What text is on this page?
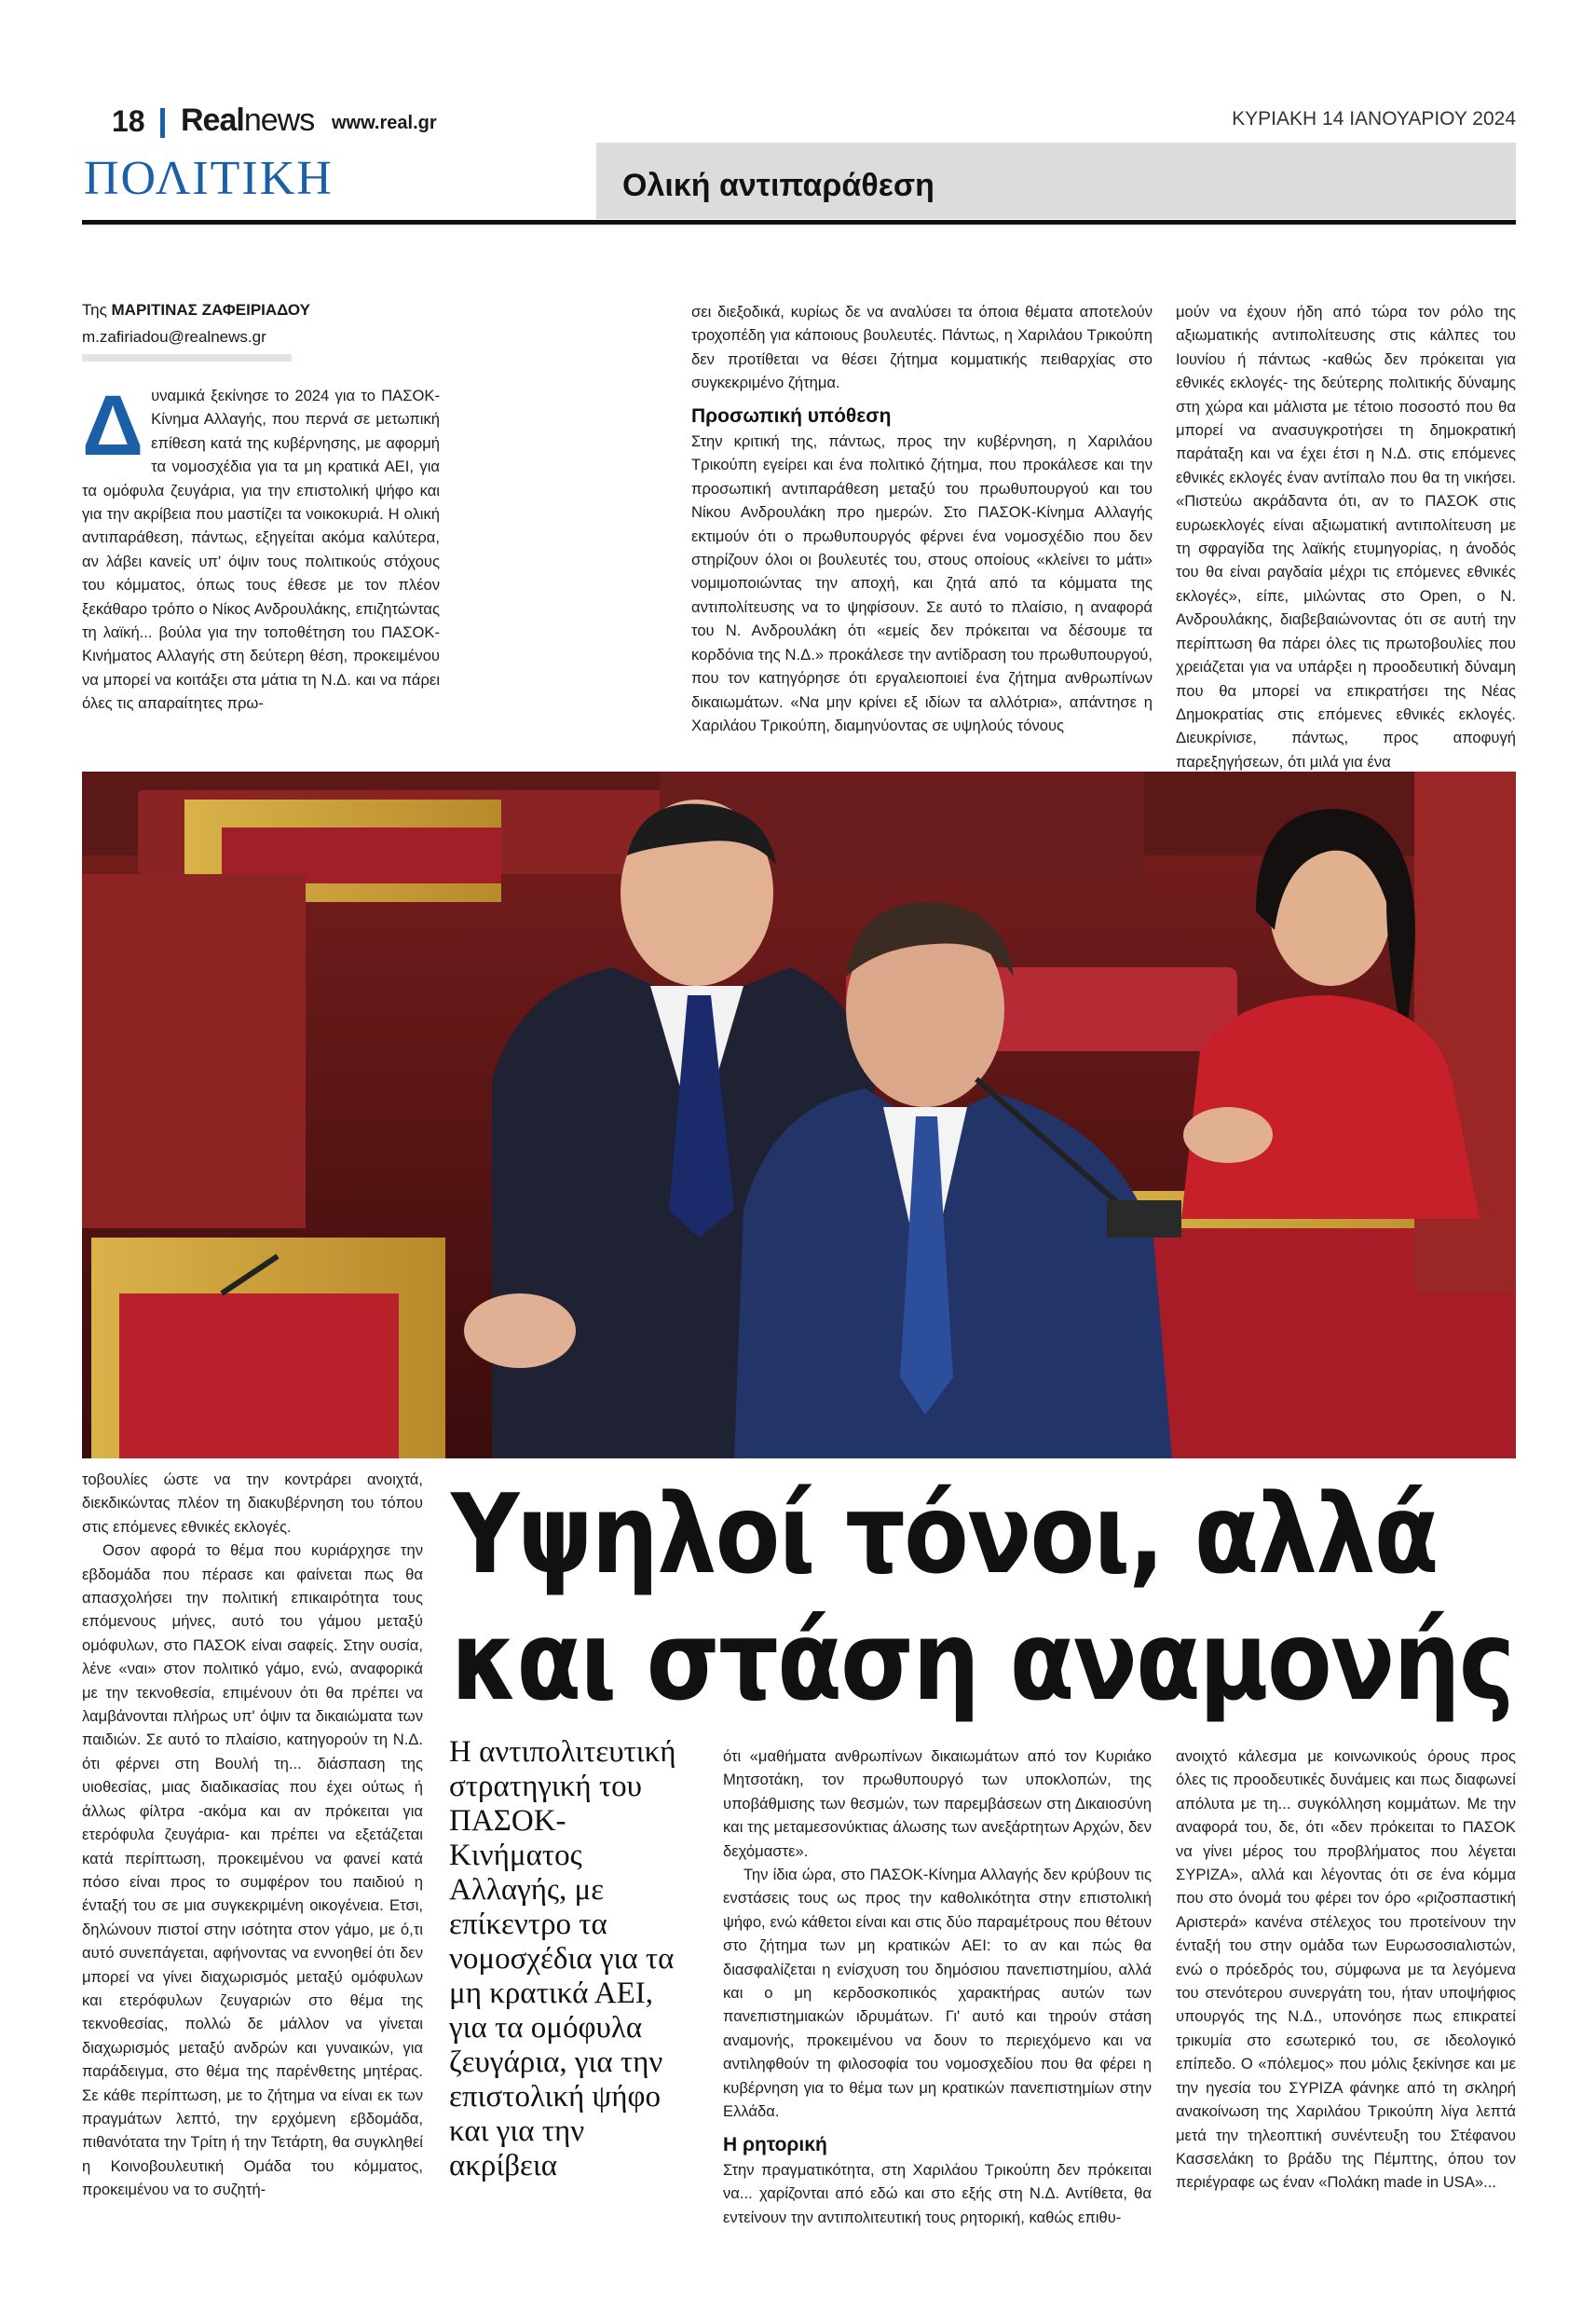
18 Realnews www.real.gr	ΚΥΡΙΑΚΗ 14 ΙΑΝΟΥΑΡΙΟΥ 2024
ΠΟΛΙΤΙΚΗ	Ολική αντιπαράθεση
Της ΜΑΡΙΤΙΝΑΣ ΖΑΦΕΙΡΙΑΔΟΥ
m.zafiriadou@realnews.gr

Δυναμικά ξεκίνησε το 2024 για το ΠΑΣΟΚ-Κίνημα Αλλαγής, που περνά σε μετωπική επίθεση κατά της κυβέρνησης, με αφορμή τα νομοσχέδια για τα μη κρατικά ΑΕΙ, για τα ομόφυλα ζευγάρια, για την επιστολική ψήφο και για την ακρίβεια που μαστίζει τα νοικοκυριά. Η ολική αντιπαράθεση, πάντως, εξηγείται ακόμα καλύτερα, αν λάβει κανείς υπ' όψιν τους πολιτικούς στόχους του κόμματος, όπως τους έθεσε με τον πλέον ξεκάθαρο τρόπο ο Νίκος Ανδρουλάκης, επιζητώντας τη λαϊκή... βούλα για την τοποθέτηση του ΠΑΣΟΚ-Κινήματος Αλλαγής στη δεύτερη θέση, προκειμένου να μπορεί να κοιτάξει στα μάτια τη Ν.Δ. και να πάρει όλες τις απαραίτητες πρω-

σει διεξοδικά, κυρίως δε να αναλύσει τα όποια θέματα αποτελούν τροχοπέδη για κάποιους βουλευτές. Πάντως, η Χαριλάου Τρικούπη δεν προτίθεται να θέσει ζήτημα κομματικής πειθαρχίας στο συγκεκριμένο ζήτημα.

Προσωπική υπόθεση

Στην κριτική της, πάντως, προς την κυβέρνηση, η Χαριλάου Τρικούπη εγείρει και ένα πολιτικό ζήτημα, που προκάλεσε και την προσωπική αντιπαράθεση μεταξύ του πρωθυπουργού και του Νίκου Ανδρουλάκη προ ημερών. Στο ΠΑΣΟΚ-Κίνημα Αλλαγής εκτιμούν ότι ο πρωθυπουργός φέρνει ένα νομοσχέδιο που δεν στηρίζουν όλοι οι βουλευτές του, στους οποίους «κλείνει το μάτι» νομιμοποιώντας την αποχή, και ζητά από τα κόμματα της αντιπολίτευσης να το ψηφίσουν. Σε αυτό το πλαίσιο, η αναφορά του Ν. Ανδρουλάκη ότι «εμείς δεν πρόκειται να δέσουμε τα κορδόνια της Ν.Δ.» προκάλεσε την αντίδραση του πρωθυπουργού, που τον κατηγόρησε ότι εργαλειοποιεί ένα ζήτημα ανθρωπίνων δικαιωμάτων. «Να μην κρίνει εξ ιδίων τα αλλότρια», απάντησε η Χαριλάου Τρικούπη, διαμηνύοντας σε υψηλούς τόνους

μούν να έχουν ήδη από τώρα τον ρόλο της αξιωματικής αντιπολίτευσης στις κάλπες του Ιουνίου ή πάντως -καθώς δεν πρόκειται για εθνικές εκλογές- της δεύτερης πολιτικής δύναμης στη χώρα και μάλιστα με τέτοιο ποσοστό που θα μπορεί να ανασυγκροτήσει τη δημοκρατική παράταξη και να έχει έτσι η Ν.Δ. στις επόμενες εθνικές εκλογές έναν αντίπαλο που θα τη νικήσει. «Πιστεύω ακράδαντα ότι, αν το ΠΑΣΟΚ στις ευρωεκλογές είναι αξιωματική αντιπολίτευση με τη σφραγίδα της λαϊκής ετυμηγορίας, η άνοδός του θα είναι ραγδαία μέχρι τις επόμενες εθνικές εκλογές», είπε, μιλώντας στο Open, ο Ν. Ανδρουλάκης, διαβεβαιώνοντας ότι σε αυτή την περίπτωση θα πάρει όλες τις πρωτοβουλίες που χρειάζεται για να υπάρξει η προοδευτική δύναμη που θα μπορεί να επικρατήσει της Νέας Δημοκρατίας στις επόμενες εθνικές εκλογές. Διευκρίνισε, πάντως, προς αποφυγή παρεξηγήσεων, ότι μιλά για ένα

Υψηλοί τόνοι, αλλά
και στάση αναμονής

τοβουλίες ώστε να την κοντράρει ανοιχτά, διεκδικώντας πλέον τη διακυβέρνηση του τόπου στις επόμενες εθνικές εκλογές.

Οσον αφορά το θέμα που κυριάρχησε την εβδομάδα που πέρασε και φαίνεται πως θα απασχολήσει την πολιτική επικαιρότητα τους επόμενους μήνες, αυτό του γάμου μεταξύ ομόφυλων, στο ΠΑΣΟΚ είναι σαφείς. Στην ουσία, λένε «ναι» στον πολιτικό γάμο, ενώ, αναφορικά με την τεκνοθεσία, επιμένουν ότι θα πρέπει να λαμβάνονται πλήρως υπ' όψιν τα δικαιώματα των παιδιών. Σε αυτό το πλαίσιο, κατηγορούν τη Ν.Δ. ότι φέρνει στη Βουλή τη... διάσπαση της υιοθεσίας, μιας διαδικασίας που έχει ούτως ή άλλως φίλτρα -ακόμα και αν πρόκειται για ετερόφυλα ζευγάρια- και πρέπει να εξετάζεται κατά περίπτωση, προκειμένου να φανεί κατά πόσο είναι προς το συμφέρον του παιδιού η ένταξή του σε μια συγκεκριμένη οικογένεια. Ετσι, δηλώνουν πιστοί στην ισότητα στον γάμο, με ό,τι αυτό συνεπάγεται, αφήνοντας να εννοηθεί ότι δεν μπορεί να γίνει διαχωρισμός μεταξύ ομόφυλων και ετερόφυλων ζευγαριών στο θέμα της τεκνοθεσίας, πολλώ δε μάλλον να γίνεται διαχωρισμός μεταξύ ανδρών και γυναικών, για παράδειγμα, στο θέμα της παρένθετης μητέρας. Σε κάθε περίπτωση, με το ζήτημα να είναι εκ των πραγμάτων λεπτό, την ερχόμενη εβδομάδα, πιθανότατα την Τρίτη ή την Τετάρτη, θα συγκληθεί η Κοινοβουλευτική Ομάδα του κόμματος, προκειμένου να το συζητή-

Η αντιπολιτευτική στρατηγική του ΠΑΣΟΚ-Κινήματος Αλλαγής, με επίκεντρο τα νομοσχέδια για τα μη κρατικά ΑΕΙ, για τα ομόφυλα ζευγάρια, για την επιστολική ψήφο και για την ακρίβεια

ότι «μαθήματα ανθρωπίνων δικαιωμάτων από τον Κυριάκο Μητσοτάκη, τον πρωθυπουργό των υποκλοπών, της υποβάθμισης των θεσμών, των παρεμβάσεων στη Δικαιοσύνη και της μεταμεσονύκτιας άλωσης των ανεξάρτητων Αρχών, δεν δεχόμαστε».

Την ίδια ώρα, στο ΠΑΣΟΚ-Κίνημα Αλλαγής δεν κρύβουν τις ενστάσεις τους ως προς την καθολικότητα στην επιστολική ψήφο, ενώ κάθετοι είναι και στις δύο παραμέτρους που θέτουν στο ζήτημα των μη κρατικών ΑΕΙ: το αν και πώς θα διασφαλίζεται η ενίσχυση του δημόσιου πανεπιστημίου, αλλά και ο μη κερδοσκοπικός χαρακτήρας αυτών των πανεπιστημιακών ιδρυμάτων. Γι' αυτό και τηρούν στάση αναμονής, προκειμένου να δουν το περιεχόμενο και να αντιληφθούν τη φιλοσοφία του νομοσχεδίου που θα φέρει η κυβέρνηση για το θέμα των μη κρατικών πανεπιστημίων στην Ελλάδα.

Η ρητορική

Στην πραγματικότητα, στη Χαριλάου Τρικούπη δεν πρόκειται να... χαρίζονται από εδώ και στο εξής στη Ν.Δ. Αντίθετα, θα εντείνουν την αντιπολιτευτική τους ρητορική, καθώς επιθυ-

ανοιχτό κάλεσμα με κοινωνικούς όρους προς όλες τις προοδευτικές δυνάμεις και πως διαφωνεί απόλυτα με τη... συγκόλληση κομμάτων. Με την αναφορά του, δε, ότι «δεν πρόκειται το ΠΑΣΟΚ να γίνει μέρος του προβλήματος που λέγεται ΣΥΡΙΖΑ», αλλά και λέγοντας ότι σε ένα κόμμα που στο όνομά του φέρει τον όρο «ριζοσπαστική Αριστερά» κανένα στέλεχος του προτείνουν την ένταξή του στην ομάδα των Ευρωσοσιαλιστών, ενώ ο πρόεδρός του, σύμφωνα με τα λεγόμενα του στενότερου συνεργάτη του, ήταν υποψήφιος υπουργός της Ν.Δ., υπονόησε πως επικρατεί τρικυμία στο εσωτερικό του, σε ιδεολογικό επίπεδο. Ο «πόλεμος» που μόλις ξεκίνησε και με την ηγεσία του ΣΥΡΙΖΑ φάνηκε από τη σκληρή ανακοίνωση της Χαριλάου Τρικούπη λίγα λεπτά μετά την τηλεοπτική συνέντευξη του Στέφανου Κασσελάκη το βράδυ της Πέμπτης, όπου τον περιέγραφε ως έναν «Πολάκη made in USA»...
